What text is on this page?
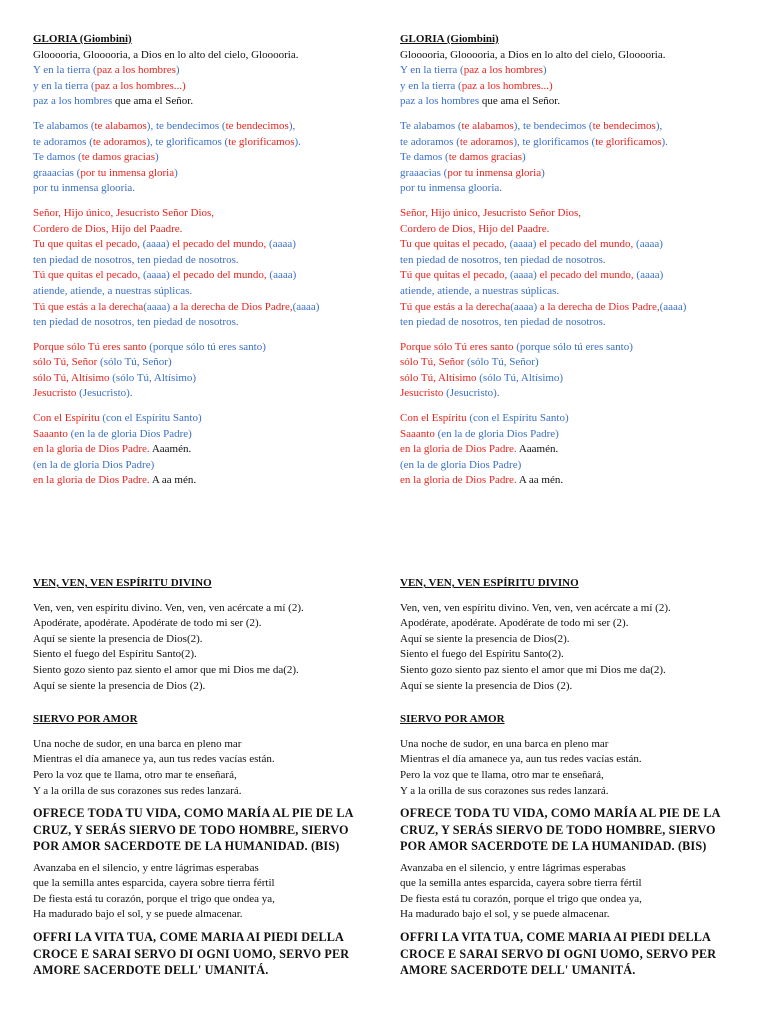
GLORIA (Giombini)
Glooooria, Glooooria, a Dios en lo alto del cielo, Glooooria.
Y en la tierra (paz a los hombres)
y en la tierra (paz a los hombres...)
paz a los hombres que ama el Señor.
Te alabamos (te alabamos), te bendecimos (te bendecimos),
te adoramos (te adoramos), te glorificamos (te glorificamos).
Te damos (te damos gracias)
graaacias (por tu inmensa gloria)
por tu inmensa glooria.
Señor, Hijo único, Jesucristo Señor Dios,
Cordero de Dios, Hijo del Paadre.
Tu que quitas el pecado, (aaaa) el pecado del mundo, (aaaa)
ten piedad de nosotros, ten piedad de nosotros.
Tú que quitas el pecado, (aaaa) el pecado del mundo, (aaaa)
atiende, atiende, a nuestras súplicas.
Tú que estás a la derecha(aaaa) a la derecha de Dios Padre,(aaaa)
ten piedad de nosotros, ten piedad de nosotros.
Porque sólo Tú eres santo (porque sólo tú eres santo)
sólo Tú, Señor (sólo Tú, Señor)
sólo Tú, Altísimo (sólo Tú, Altísimo)
Jesucristo (Jesucristo).
Con el Espíritu (con el Espíritu Santo)
Saaanto (en la de gloria Dios Padre)
en la gloria de Dios Padre. Aaamén.
(en la de gloria Dios Padre)
en la gloria de Dios Padre. A aa mén.
VEN, VEN, VEN ESPÍRITU DIVINO
Ven, ven, ven espíritu divino. Ven, ven, ven acércate a mí (2).
Apodérate, apodérate. Apodérate de todo mi ser (2).
Aquí se siente la presencia de Dios(2).
Siento el fuego del Espíritu Santo(2).
Siento gozo siento paz siento el amor que mi Dios me da(2).
Aquí se siente la presencia de Dios (2).
SIERVO POR AMOR
Una noche de sudor, en una barca en pleno mar
Mientras el día amanece ya, aun tus redes vacías están.
Pero la voz que te llama, otro mar te enseñará,
Y a la orilla de sus corazones sus redes lanzará.
OFRECE TODA TU VIDA, COMO MARÍA AL PIE DE LA
CRUZ, Y SERÁS SIERVO DE TODO HOMBRE, SIERVO
POR AMOR SACERDOTE DE LA HUMANIDAD. (BIS)
Avanzaba en el silencio, y entre lágrimas esperabas
que la semilla antes esparcida, cayera sobre tierra fértil
De fiesta está tu corazón, porque el trigo que ondea ya,
Ha madurado bajo el sol, y se puede almacenar.
OFFRI LA VITA TUA, COME MARIA AI PIEDI DELLA
CROCE E SARAI SERVO DI OGNI UOMO, SERVO PER
AMORE SACERDOTE DELL' UMANITÁ.
GLORIA (Giombini)
Glooooria, Glooooria, a Dios en lo alto del cielo, Glooooria.
Y en la tierra (paz a los hombres)
y en la tierra (paz a los hombres...)
paz a los hombres que ama el Señor.
Te alabamos (te alabamos), te bendecimos (te bendecimos),
te adoramos (te adoramos), te glorificamos (te glorificamos).
Te damos (te damos gracias)
graaacias (por tu inmensa gloria)
por tu inmensa glooria.
Señor, Hijo único, Jesucristo Señor Dios,
Cordero de Dios, Hijo del Paadre.
Tu que quitas el pecado, (aaaa) el pecado del mundo, (aaaa)
ten piedad de nosotros, ten piedad de nosotros.
Tú que quitas el pecado, (aaaa) el pecado del mundo, (aaaa)
atiende, atiende, a nuestras súplicas.
Tú que estás a la derecha(aaaa) a la derecha de Dios Padre,(aaaa)
ten piedad de nosotros, ten piedad de nosotros.
Porque sólo Tú eres santo (porque sólo tú eres santo)
sólo Tú, Señor (sólo Tú, Señor)
sólo Tú, Altísimo (sólo Tú, Altísimo)
Jesucristo (Jesucristo).
Con el Espíritu (con el Espíritu Santo)
Saaanto (en la de gloria Dios Padre)
en la gloria de Dios Padre. Aaamén.
(en la de gloria Dios Padre)
en la gloria de Dios Padre. A aa mén.
VEN, VEN, VEN ESPÍRITU DIVINO
Ven, ven, ven espíritu divino. Ven, ven, ven acércate a mí (2).
Apodérate, apodérate. Apodérate de todo mi ser (2).
Aquí se siente la presencia de Dios(2).
Siento el fuego del Espíritu Santo(2).
Siento gozo siento paz siento el amor que mi Dios me da(2).
Aquí se siente la presencia de Dios (2).
SIERVO POR AMOR
Una noche de sudor, en una barca en pleno mar
Mientras el día amanece ya, aun tus redes vacías están.
Pero la voz que te llama, otro mar te enseñará,
Y a la orilla de sus corazones sus redes lanzará.
OFRECE TODA TU VIDA, COMO MARÍA AL PIE DE LA
CRUZ, Y SERÁS SIERVO DE TODO HOMBRE, SIERVO
POR AMOR SACERDOTE DE LA HUMANIDAD. (BIS)
Avanzaba en el silencio, y entre lágrimas esperabas
que la semilla antes esparcida, cayera sobre tierra fértil
De fiesta está tu corazón, porque el trigo que ondea ya,
Ha madurado bajo el sol, y se puede almacenar.
OFFRI LA VITA TUA, COME MARIA AI PIEDI DELLA
CROCE E SARAI SERVO DI OGNI UOMO, SERVO PER
AMORE SACERDOTE DELL' UMANITÁ.
